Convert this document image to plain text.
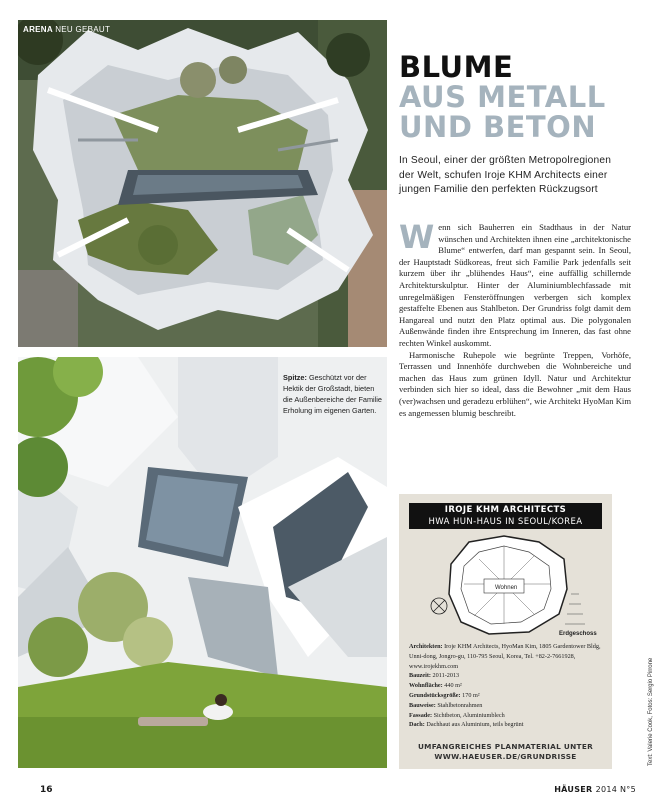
ARENA NEU GEBAUT
Spitze: Geschützt vor der Hektik der Großstadt, bieten die Außenbereiche der Familie Erholung im eigenen Garten.
BLUME
AUS METALL
UND BETON
In Seoul, einer der größten Metropolregionen der Welt, schufen Iroje KHM Architects einer jungen Familie den perfekten Rückzugsort

Wenn sich Bauherren ein Stadthaus in der Natur wünschen und Architekten ihnen eine „architektonische Blume“ entwerfen, darf man gespannt sein. In Seoul, der Hauptstadt Südkoreas, freut sich Familie Park jedenfalls seit kurzem über ihr „blühendes Haus“, eine auffällig schillernde Architekturskulptur. Hinter der Aluminiumblechfassade mit unregelmäßigen Fensteröffnungen verbergen sich komplex gestaffelte Ebenen aus Stahlbeton. Der Grundriss folgt damit dem Hangareal und nutzt den Platz optimal aus. Die polygonalen Außenwände finden ihre Entsprechung im Inneren, das fast ohne rechten Winkel auskommt.

Harmonische Ruhepole wie begrünte Treppen, Vorhöfe, Terrassen und Innenhöfe durchweben die Wohnbereiche und machen das Haus zum grünen Idyll. Natur und Architektur verbinden sich hier so ideal, dass die Bewohner „mit dem Haus (ver)wachsen und geradezu erblühen“, wie Architekt HyoMan Kim es angemessen blumig beschreibt.

IROJE KHM ARCHITECTS
HWA HUN-HAUS IN SEOUL/KOREA
Wohnen
Erdgeschoss
Architekten: Iroje KHM Architects, HyoMan Kim, 1805 Gardentower Bldg, Unni-dong, Jongro-gu, 110-795 Seoul, Korea, Tel. +82-2-7661928, www.irojekhm.com
Bauzeit: 2011-2013
Wohnfläche: 440 m²
Grundstücksgröße: 170 m²
Bauweise: Stahlbetonrahmen
Fassade: Sichtbeton, Aluminiumblech
Dach: Dachhaut aus Aluminium, teils begrünt
UMFANGREICHES PLANMATERIAL UNTER
WWW.HAEUSER.DE/GRUNDRISSE	Text: Valerie Cook, Fotos: Sergio Pirrone
16	HÄUSER 2014 N°5
